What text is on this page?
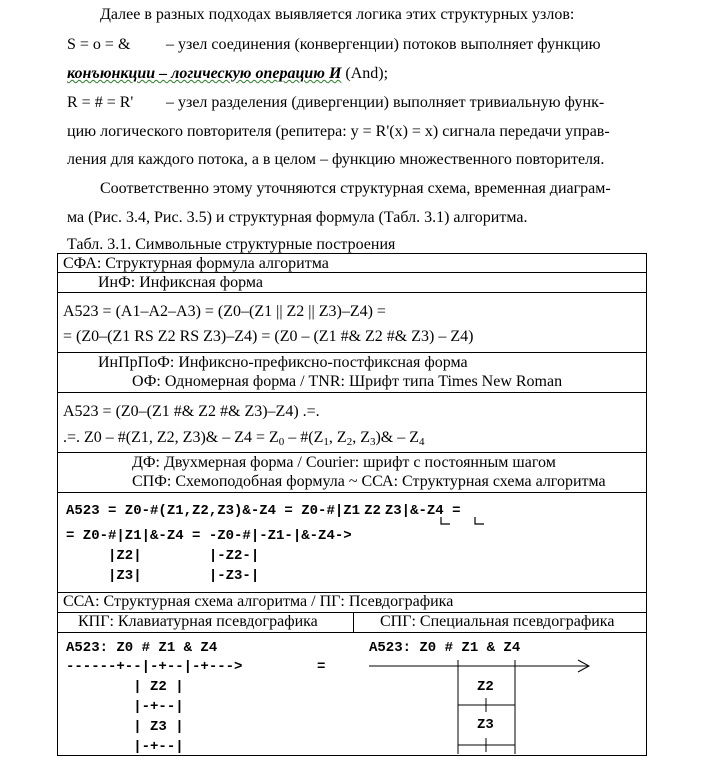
Далее в разных подходах выявляется логика этих структурных узлов:
S = o = & – узел соединения (конвергенции) потоков выполняет функцию
конъюнкции – логическую операцию И (And);
R = # = R' – узел разделения (дивергенции) выполняет тривиальную функ-
цию логического повторителя (репитера: y = R'(x) = x) сигнала передачи управ-
ления для каждого потока, а в целом – функцию множественного повторителя.
Соответственно этому уточняются структурная схема, временная диаграм-
ма (Рис. 3.4, Рис. 3.5) и структурная формула (Табл. 3.1) алгоритма.
Табл. 3.1. Символьные структурные построения
СФА: Структурная формула алгоритма
ИнФ: Инфиксная форма
A523 = (A1–A2–A3) = (Z0–(Z1 || Z2 || Z3)–Z4) =
= (Z0–(Z1 RS Z2 RS Z3)–Z4) = (Z0 – (Z1 #& Z2 #& Z3) – Z4)
ИнПрПоФ: Инфиксно-префиксно-постфиксная форма
ОФ: Одномерная форма / TNR: Шрифт типа Times New Roman
A523 = (Z0–(Z1 #& Z2 #& Z3)–Z4) .=.
.=. Z0 – #(Z1, Z2, Z3)& – $Z4 = Z_0$ – $\#(Z_1$, $Z_2$, $Z_3)\& - Z_4$
ДФ: Двухмерная форма / Courier: шрифт с постоянным шагом
СПФ: Схемоподобная формула ~ ССА: Структурная схема алгоритма
A523 = Z0-#(Z1,Z2,Z3)&-Z4 = Z0-#|Z1 Z2 Z3|&-Z4 =
= Z0-#|Z1|&-Z4 = -Z0-#|-Z1-|&-Z4->
|Z2|        |-Z2-|
|Z3|        |-Z3-|
ССА: Структурная схема алгоритма / ПГ: Псевдографика
КПГ: Клавиатурная псевдографика	СПГ: Специальная псевдографика
A523: Z0 # Z1 & Z4
------+--|-+--|-+--->
| Z2 |
|-+--|
| Z3 |
|-+--|
=
A523: Z0 # Z1 & Z4
Z2
Z3
